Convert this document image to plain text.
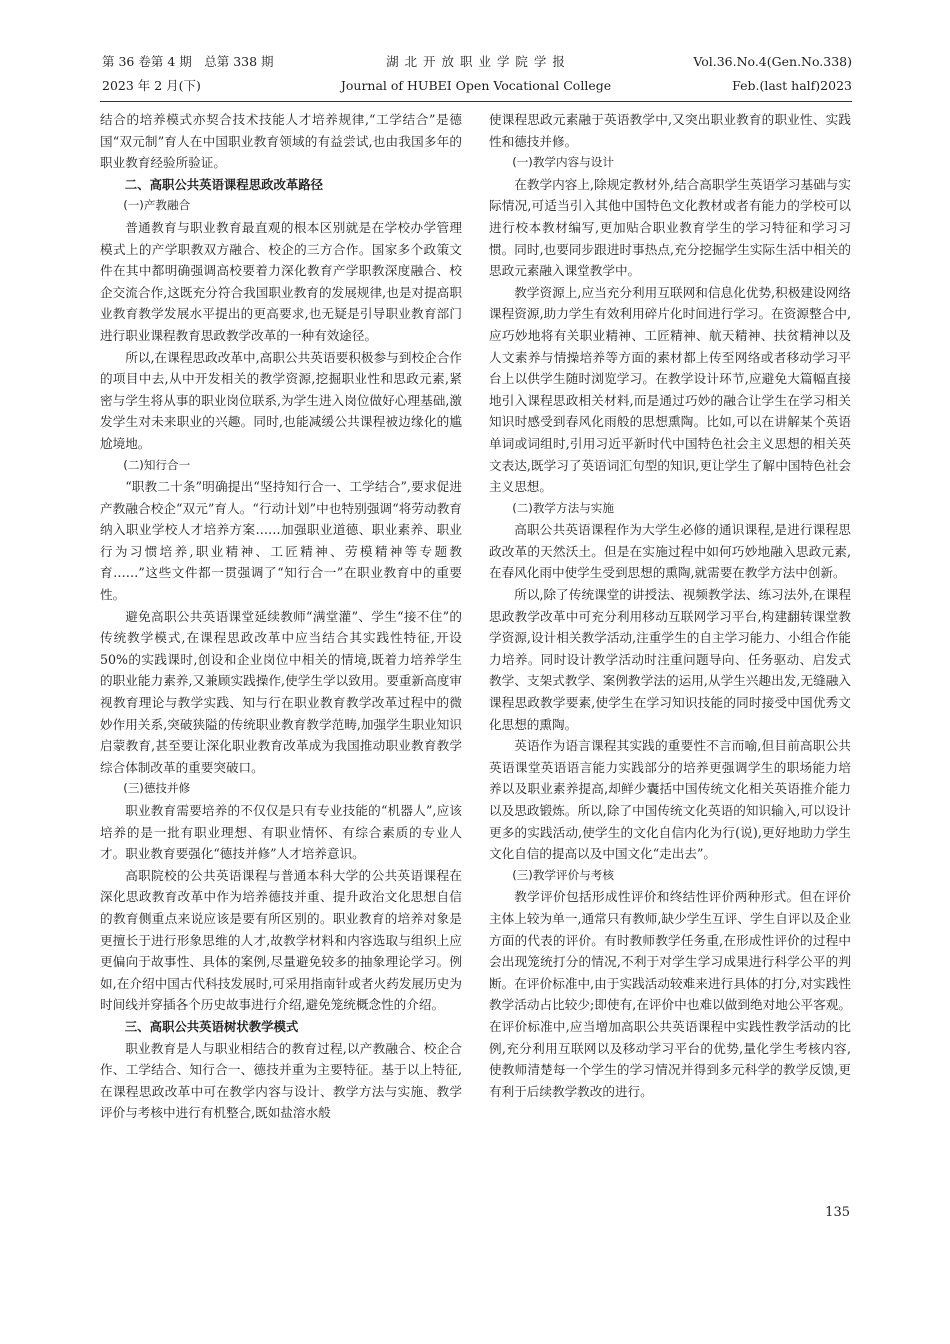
第 36 卷第 4 期　总第 338 期
2023 年 2 月(下)
湖 北 开 放 职 业 学 院 学 报
Journal of HUBEI Open Vocational College
Vol.36.No.4(Gen.No.338)
Feb.(last half)2023

结合的培养模式亦契合技术技能人才培养规律,“工学结合”是德国“双元制”育人在中国职业教育领域的有益尝试,也由我国多年的职业教育经验所验证。

二、高职公共英语课程思政改革路径

(一)产教融合

普通教育与职业教育最直观的根本区别就是在学校办学管理模式上的产学职教双方融合、校企的三方合作。国家多个政策文件在其中都明确强调高校要着力深化教育产学职教深度融合、校企交流合作,这既充分符合我国职业教育的发展规律,也是对提高职业教育教学发展水平提出的更高要求,也无疑是引导职业教育部门进行职业课程教育思政教学改革的一种有效途径。

所以,在课程思政改革中,高职公共英语要积极参与到校企合作的项目中去,从中开发相关的教学资源,挖掘职业性和思政元素,紧密与学生将从事的职业岗位联系,为学生进入岗位做好心理基础,激发学生对未来职业的兴趣。同时,也能减缓公共课程被边缘化的尴尬境地。

(二)知行合一

“职教二十条”明确提出“坚持知行合一、工学结合”,要求促进产教融合校企“双元”育人。“行动计划”中也特别强调“将劳动教育纳入职业学校人才培养方案……加强职业道德、职业素养、职业行为习惯培养,职业精神、工匠精神、劳模精神等专题教育……”这些文件都一贯强调了“知行合一”在职业教育中的重要性。

避免高职公共英语课堂延续教师“满堂灌”、学生“接不住”的传统教学模式,在课程思政改革中应当结合其实践性特征,开设 50%的实践课时,创设和企业岗位中相关的情境,既着力培养学生的职业能力素养,又兼顾实践操作,使学生学以致用。要重新高度审视教育理论与教学实践、知与行在职业教育教学改革过程中的微妙作用关系,突破狭隘的传统职业教育教学范畴,加强学生职业知识启蒙教育,甚至要让深化职业教育改革成为我国推动职业教育教学综合体制改革的重要突破口。

(三)德技并修

职业教育需要培养的不仅仅是只有专业技能的“机器人”,应该培养的是一批有职业理想、有职业情怀、有综合素质的专业人才。职业教育要强化“德技并修”人才培养意识。

高职院校的公共英语课程与普通本科大学的公共英语课程在深化思政教育改革中作为培养德技并重、提升政治文化思想自信的教育侧重点来说应该是要有所区别的。职业教育的培养对象是更擅长于进行形象思维的人才,故教学材料和内容选取与组织上应更偏向于故事性、具体的案例,尽量避免较多的抽象理论学习。例如,在介绍中国古代科技发展时,可采用指南针或者火药发展历史为时间线并穿插各个历史故事进行介绍,避免笼统概念性的介绍。

三、高职公共英语树状教学模式

职业教育是人与职业相结合的教育过程,以产教融合、校企合作、工学结合、知行合一、德技并重为主要特征。基于以上特征,在课程思政改革中可在教学内容与设计、教学方法与实施、教学评价与考核中进行有机整合,既如盐溶水般

使课程思政元素融于英语教学中,又突出职业教育的职业性、实践性和德技并修。

(一)教学内容与设计

在教学内容上,除规定教材外,结合高职学生英语学习基础与实际情况,可适当引入其他中国特色文化教材或者有能力的学校可以进行校本教材编写,更加贴合职业教育学生的学习特征和学习习惯。同时,也要同步跟进时事热点,充分挖掘学生实际生活中相关的思政元素融入课堂教学中。

教学资源上,应当充分利用互联网和信息化优势,积极建设网络课程资源,助力学生有效利用碎片化时间进行学习。在资源整合中,应巧妙地将有关职业精神、工匠精神、航天精神、扶贫精神以及人文素养与情操培养等方面的素材都上传至网络或者移动学习平台上以供学生随时浏览学习。在教学设计环节,应避免大篇幅直接地引入课程思政相关材料,而是通过巧妙的融合让学生在学习相关知识时感受到春风化雨般的思想熏陶。比如,可以在讲解某个英语单词或词组时,引用习近平新时代中国特色社会主义思想的相关英文表达,既学习了英语词汇句型的知识,更让学生了解中国特色社会主义思想。

(二)教学方法与实施

高职公共英语课程作为大学生必修的通识课程,是进行课程思政改革的天然沃土。但是在实施过程中如何巧妙地融入思政元素,在春风化雨中使学生受到思想的熏陶,就需要在教学方法中创新。

所以,除了传统课堂的讲授法、视频教学法、练习法外,在课程思政教学改革中可充分利用移动互联网学习平台,构建翻转课堂教学资源,设计相关教学活动,注重学生的自主学习能力、小组合作能力培养。同时设计教学活动时注重问题导向、任务驱动、启发式教学、支架式教学、案例教学法的运用,从学生兴趣出发,无缝融入课程思政教学要素,使学生在学习知识技能的同时接受中国优秀文化思想的熏陶。

英语作为语言课程其实践的重要性不言而喻,但目前高职公共英语课堂英语语言能力实践部分的培养更强调学生的职场能力培养以及职业素养提高,却鲜少囊括中国传统文化相关英语推介能力以及思政锻炼。所以,除了中国传统文化英语的知识输入,可以设计更多的实践活动,使学生的文化自信内化为行(说),更好地助力学生文化自信的提高以及中国文化“走出去”。

(三)教学评价与考核

教学评价包括形成性评价和终结性评价两种形式。但在评价主体上较为单一,通常只有教师,缺少学生互评、学生自评以及企业方面的代表的评价。有时教师教学任务重,在形成性评价的过程中会出现笼统打分的情况,不利于对学生学习成果进行科学公平的判断。在评价标准中,由于实践活动较难来进行具体的打分,对实践性教学活动占比较少;即使有,在评价中也难以做到绝对地公平客观。在评价标准中,应当增加高职公共英语课程中实践性教学活动的比例,充分利用互联网以及移动学习平台的优势,量化学生考核内容,使教师清楚每一个学生的学习情况并得到多元科学的教学反馈,更有利于后续教学教改的进行。

135
